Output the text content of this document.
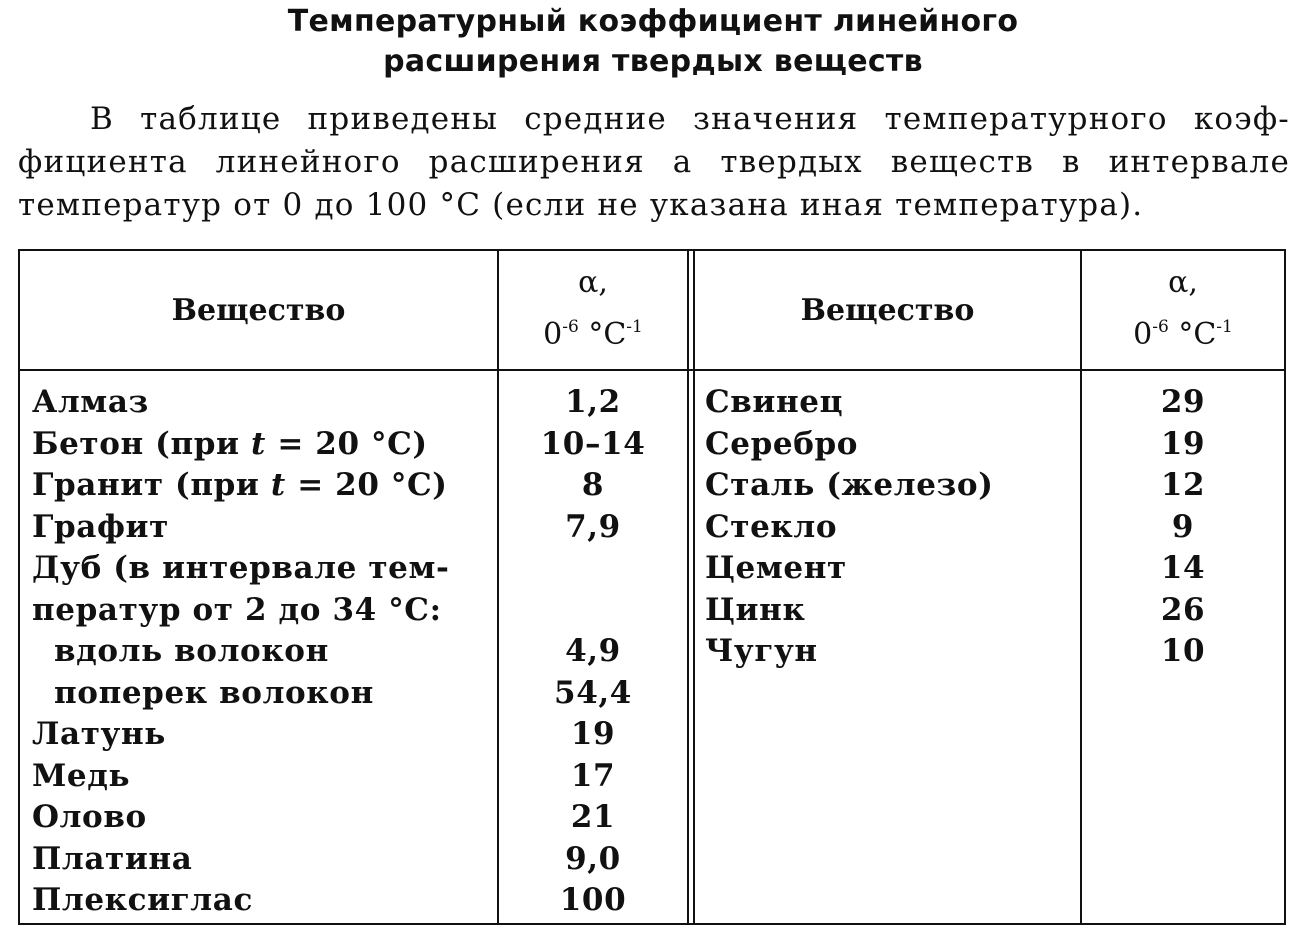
Температурный коэффициент линейного
расширения твердых веществ
В таблице приведены средние значения температурного коэф-
фициента линейного расширения а твердых веществ в интервале
температур от 0 до 100 °С (если не указана иная температура).
Вещество
α,
$0^{-6}$ $^\circ C^{-1}$	Вещество
α,
$0^{-6}$ $^\circ C^{-1}$
Алмаз
Бетон (при t = 20 °C)
Гранит (при t = 20 °C)
Графит
Дуб (в интервале тем-
ператур от 2 до 34 °C:
вдоль волокон
поперек волокон
Латунь
Медь
Олово
Платина
Плексиглас
1,2
10–14
8
7,9
4,9
54,4
19
17
21
9,0
100
Свинец
Серебро
Сталь (железо)
Стекло
Цемент
Цинк
Чугун
29
19
12
9
14
26
10
